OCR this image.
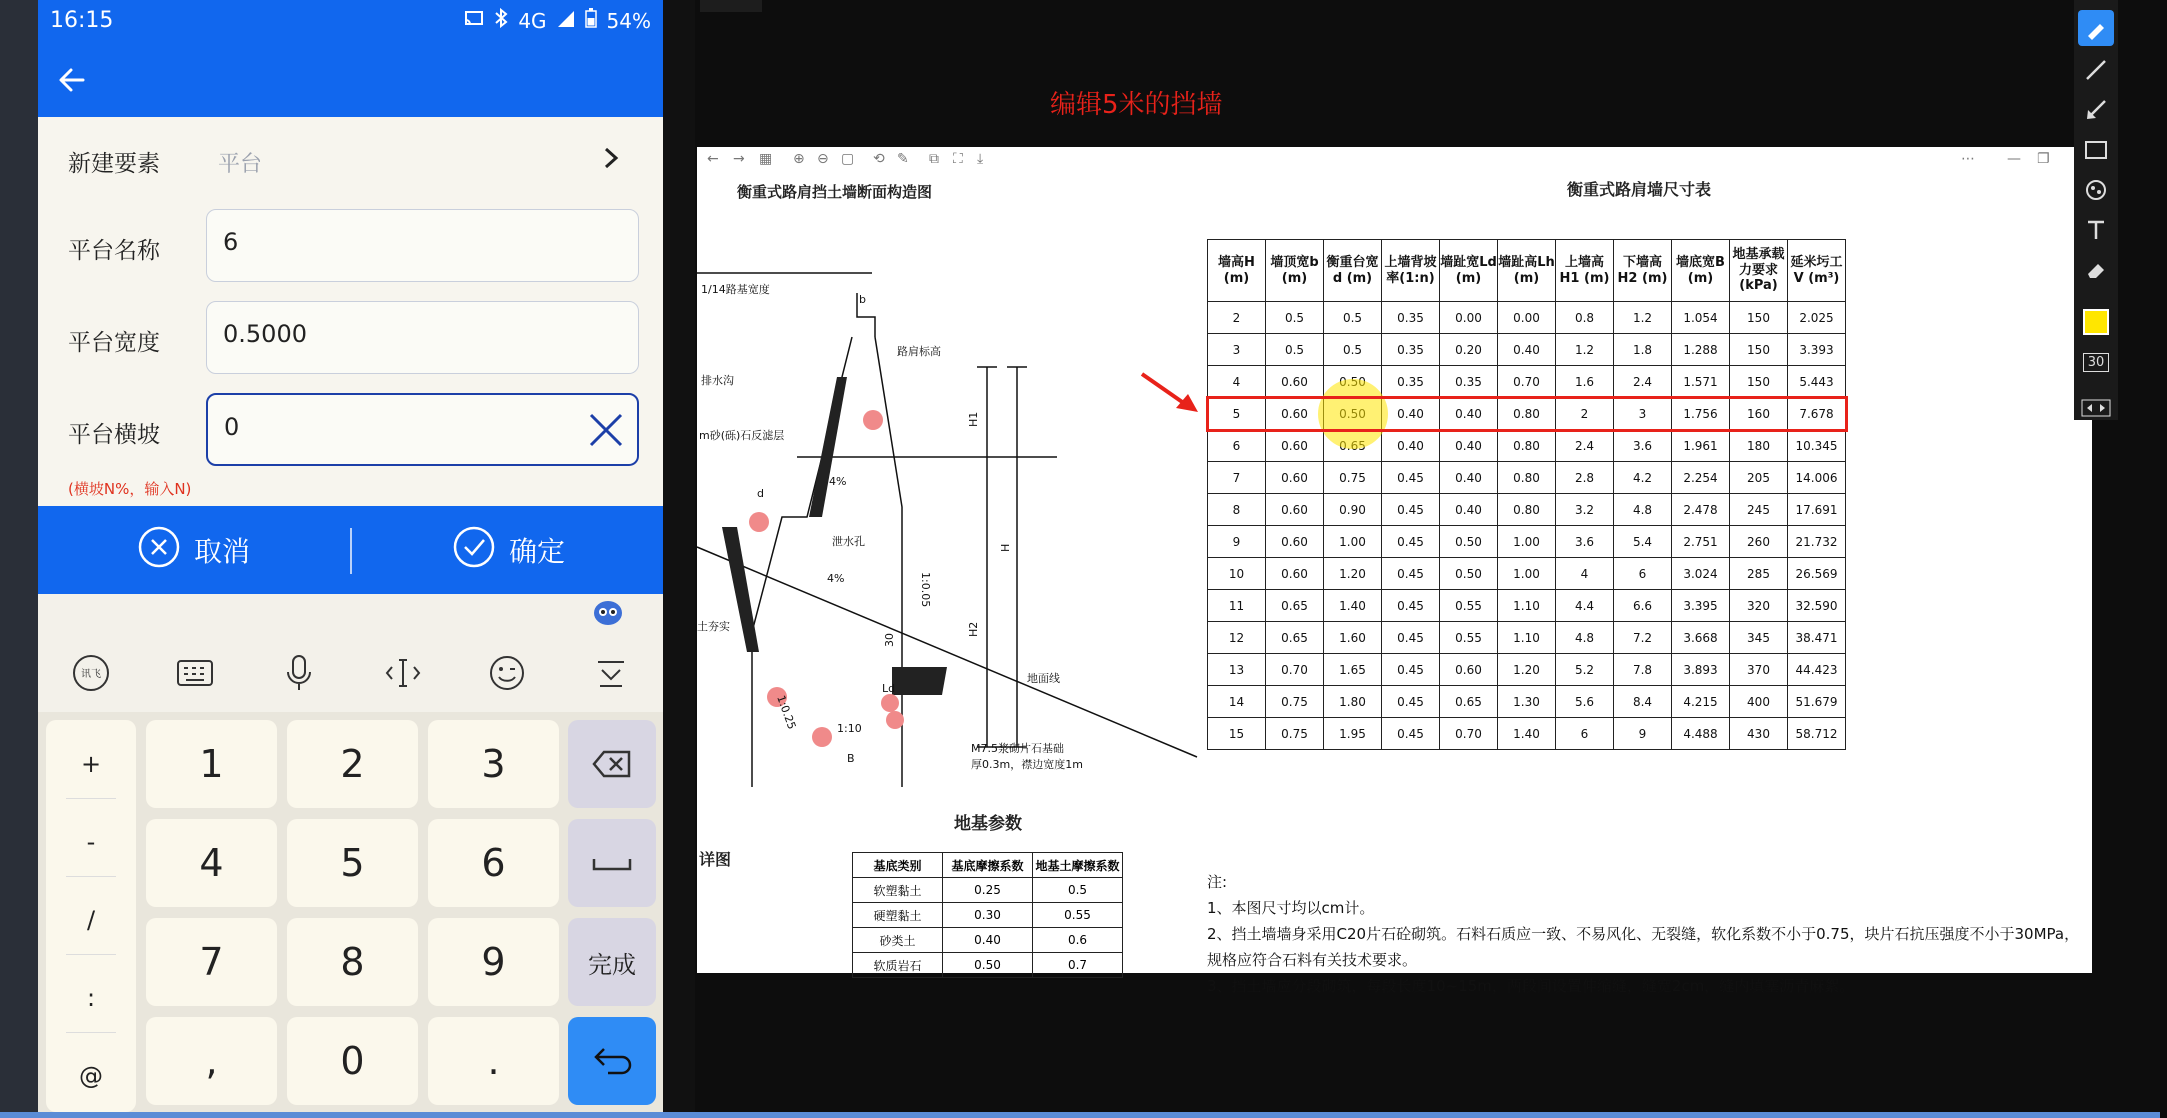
16:15	4G	54%
新建要素	平台
平台名称
6
平台宽度
0.5000
平台横坡
0
(横坡N%，输入N)
取消	确定
讯飞
+
-
/
:
@
1	2	3
4	5	6
7	8	9	完成
,	0	.
编辑5米的挡墙
← → ▦ ⊕ ⊖ ▢ ⟲ ✎ ⧉ ⛶ ⤓	⋯ — ❐
衡重式路肩挡土墙断面构造图	衡重式路肩墙尺寸表
1/14路基宽度
b
路肩标高
排水沟
m砂(砾)石反滤层
泄水孔
d
1:0.05
1:0.25	1:10
4%
4%
H1
H
H2
地面线
土夯实
B
Ld
M7.5浆砌片石基础
厚0.3m，襟边宽度1m
30
墙高H (m)	墙顶宽b (m)	衡重台宽d (m)	上墙背坡率(1:n)	墙趾宽Ld (m)	墙趾高Lh (m)	上墙高H1 (m)	下墙高H2 (m)	墙底宽B (m)	地基承载力要求 (kPa)	延米圬工V (m³)
2	0.5	0.5	0.35	0.00	0.00	0.8	1.2	1.054	150	2.025
3	0.5	0.5	0.35	0.20	0.40	1.2	1.8	1.288	150	3.393
4	0.60		0.35	0.35	0.70	1.6	2.4	1.571	150	5.443
5	0.60		0.40	0.40	0.80	2	3	1.756	160	7.678
6	0.60		0.40	0.40	0.80	2.4	3.6	1.961	180	10.345
7	0.60	0.75	0.45	0.40	0.80	2.8	4.2	2.254	205	14.006
8	0.60	0.90	0.45	0.40	0.80	3.2	4.8	2.478	245	17.691
9	0.60	1.00	0.45	0.50	1.00	3.6	5.4	2.751	260	21.732
10	0.60	1.20	0.45	0.50	1.00	4	6	3.024	285	26.569
11	0.65	1.40	0.45	0.55	1.10	4.4	6.6	3.395	320	32.590
12	0.65	1.60	0.45	0.55	1.10	4.8	7.2	3.668	345	38.471
13	0.70	1.65	0.45	0.60	1.20	5.2	7.8	3.893	370	44.423
14	0.75	1.80	0.45	0.65	1.30	5.6	8.4	4.215	400	51.679
15	0.75	1.95	0.45	0.70	1.40	6	9	4.488	430	58.712
地基参数
基底类别	基底摩擦系数	地基土摩擦系数
软塑黏土	0.25	0.5
硬塑黏土	0.30	0.55
砂类土	0.40	0.6
软质岩石	0.50	0.7
详图
注:
1、本图尺寸均以cm计。
2、挡土墙墙身采用C20片石砼砌筑。石料石质应一致、不易风化、无裂缝，软化系数不小于0.75，块片石抗压强度不小于30MPa，规格应符合石料有关技术要求。
3、挡土墙应分段砌筑，每段长度10~15m，两段间设置伸缩缝，缝宽2cm，缝内填塞沥青麻絮。
30
